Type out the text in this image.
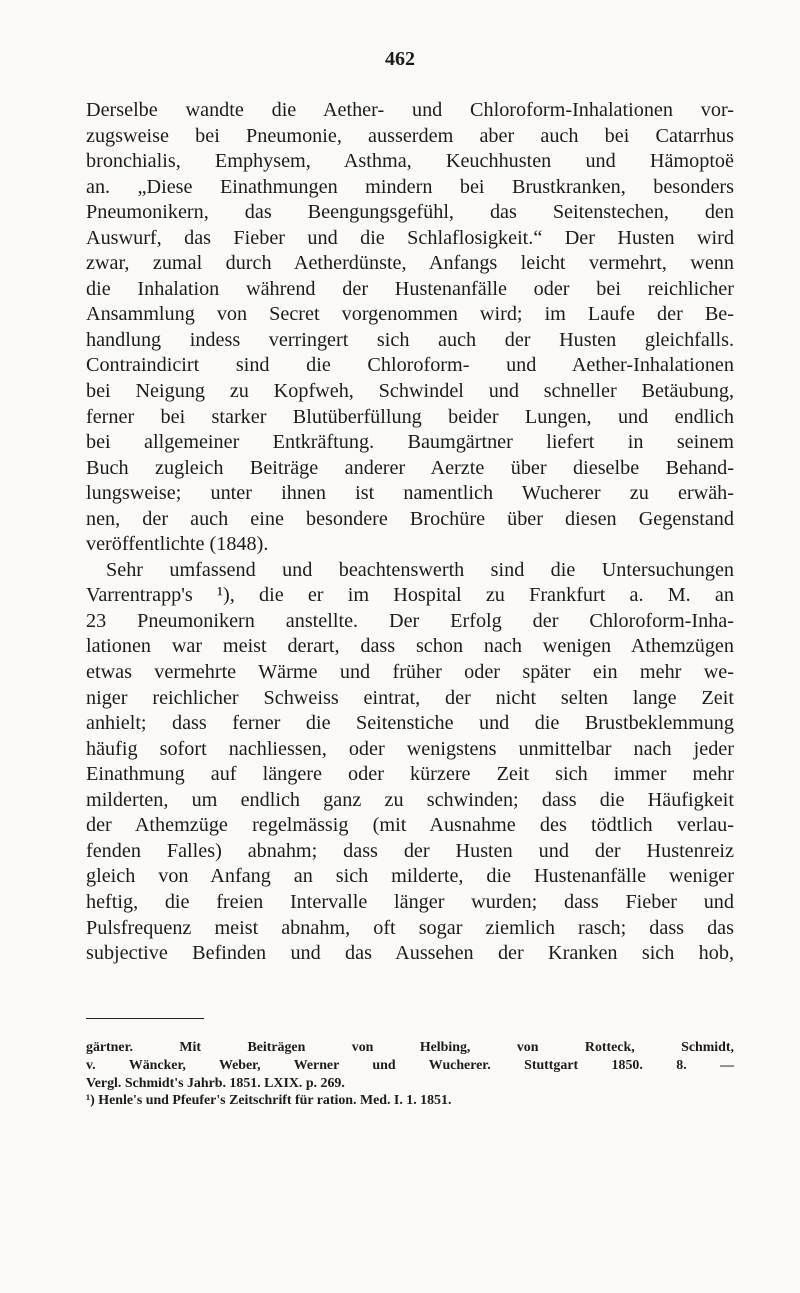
462
Derselbe wandte die Aether- und Chloroform-Inhalationen vor-
zugsweise bei Pneumonie, ausserdem aber auch bei Catarrhus
bronchialis, Emphysem, Asthma, Keuchhusten und Hämoptoë
an. „Diese Einathmungen mindern bei Brustkranken, besonders
Pneumonikern, das Beengungsgefühl, das Seitenstechen, den
Auswurf, das Fieber und die Schlaflosigkeit.“ Der Husten wird
zwar, zumal durch Aetherdünste, Anfangs leicht vermehrt, wenn
die Inhalation während der Hustenanfälle oder bei reichlicher
Ansammlung von Secret vorgenommen wird; im Laufe der Be-
handlung indess verringert sich auch der Husten gleichfalls.
Contraindicirt sind die Chloroform- und Aether-Inhalationen
bei Neigung zu Kopfweh, Schwindel und schneller Betäubung,
ferner bei starker Blutüberfüllung beider Lungen, und endlich
bei allgemeiner Entkräftung. Baumgärtner liefert in seinem
Buch zugleich Beiträge anderer Aerzte über dieselbe Behand-
lungsweise; unter ihnen ist namentlich Wucherer zu erwäh-
nen, der auch eine besondere Brochüre über diesen Gegenstand
veröffentlichte (1848).
Sehr umfassend und beachtenswerth sind die Untersuchungen
Varrentrapp's ¹), die er im Hospital zu Frankfurt a. M. an
23 Pneumonikern anstellte. Der Erfolg der Chloroform-Inha-
lationen war meist derart, dass schon nach wenigen Athemzügen
etwas vermehrte Wärme und früher oder später ein mehr we-
niger reichlicher Schweiss eintrat, der nicht selten lange Zeit
anhielt; dass ferner die Seitenstiche und die Brustbeklemmung
häufig sofort nachliessen, oder wenigstens unmittelbar nach jeder
Einathmung auf längere oder kürzere Zeit sich immer mehr
milderten, um endlich ganz zu schwinden; dass die Häufigkeit
der Athemzüge regelmässig (mit Ausnahme des tödtlich verlau-
fenden Falles) abnahm; dass der Husten und der Hustenreiz
gleich von Anfang an sich milderte, die Hustenanfälle weniger
heftig, die freien Intervalle länger wurden; dass Fieber und
Pulsfrequenz meist abnahm, oft sogar ziemlich rasch; dass das
subjective Befinden und das Aussehen der Kranken sich hob,
gärtner. Mit Beiträgen von Helbing, von Rotteck, Schmidt,
v. Wäncker, Weber, Werner und Wucherer. Stuttgart 1850. 8. —
Vergl. Schmidt's Jahrb. 1851. LXIX. p. 269.
¹) Henle's und Pfeufer's Zeitschrift für ration. Med. I. 1. 1851.
